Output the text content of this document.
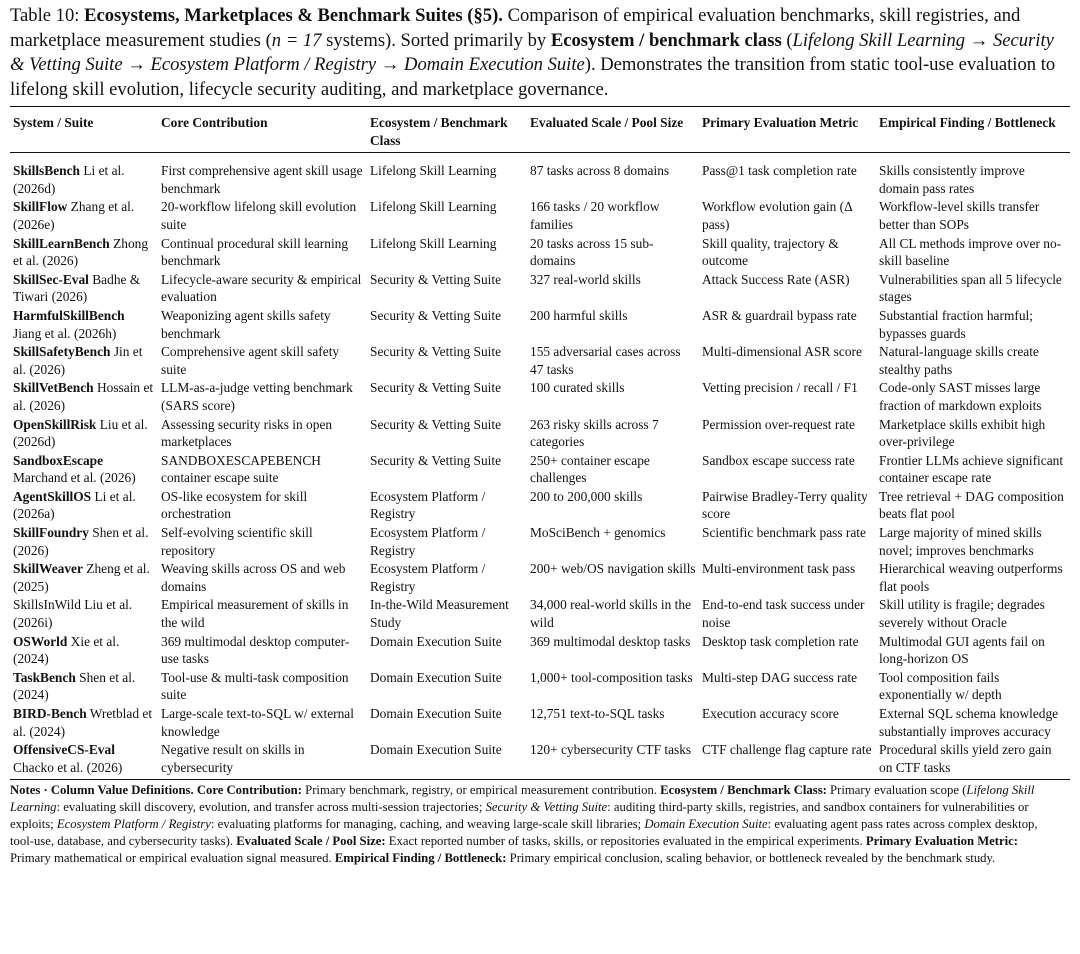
Table 10: Ecosystems, Marketplaces & Benchmark Suites (§5). Comparison of empirical evaluation benchmarks, skill registries, and marketplace measurement studies (n = 17 systems). Sorted primarily by Ecosystem / benchmark class (Lifelong Skill Learning → Security & Vetting Suite → Ecosystem Platform / Registry → Domain Execution Suite). Demonstrates the transition from static tool-use evaluation to lifelong skill evolution, lifecycle security auditing, and marketplace governance.

System / Suite	Core Contribution	Ecosystem / Benchmark Class	Evaluated Scale / Pool Size	Primary Evaluation Metric	Empirical Finding / Bottleneck
SkillsBench Li et al. (2026d)	First comprehensive agent skill usage benchmark	Lifelong Skill Learning	87 tasks across 8 domains	Pass@1 task completion rate	Skills consistently improve domain pass rates
SkillFlow Zhang et al. (2026e)	20-workflow lifelong skill evolution suite	Lifelong Skill Learning	166 tasks / 20 workflow families	Workflow evolution gain (Δ pass)	Workflow-level skills transfer better than SOPs
SkillLearnBench Zhong et al. (2026)	Continual procedural skill learning benchmark	Lifelong Skill Learning	20 tasks across 15 sub-domains	Skill quality, trajectory & outcome	All CL methods improve over no-skill baseline
SkillSec-Eval Badhe & Tiwari (2026)	Lifecycle-aware security & empirical evaluation	Security & Vetting Suite	327 real-world skills	Attack Success Rate (ASR)	Vulnerabilities span all 5 lifecycle stages
HarmfulSkillBench Jiang et al. (2026h)	Weaponizing agent skills safety benchmark	Security & Vetting Suite	200 harmful skills	ASR & guardrail bypass rate	Substantial fraction harmful; bypasses guards
SkillSafetyBench Jin et al. (2026)	Comprehensive agent skill safety suite	Security & Vetting Suite	155 adversarial cases across 47 tasks	Multi-dimensional ASR score	Natural-language skills create stealthy paths
SkillVetBench Hossain et al. (2026)	LLM-as-a-judge vetting benchmark (SARS score)	Security & Vetting Suite	100 curated skills	Vetting precision / recall / F1	Code-only SAST misses large fraction of markdown exploits
OpenSkillRisk Liu et al. (2026d)	Assessing security risks in open marketplaces	Security & Vetting Suite	263 risky skills across 7 categories	Permission over-request rate	Marketplace skills exhibit high over-privilege
SandboxEscape Marchand et al. (2026)	SANDBOXESCAPEBENCH container escape suite	Security & Vetting Suite	250+ container escape challenges	Sandbox escape success rate	Frontier LLMs achieve significant container escape rate
AgentSkillOS Li et al. (2026a)	OS-like ecosystem for skill orchestration	Ecosystem Platform / Registry	200 to 200,000 skills	Pairwise Bradley-Terry quality score	Tree retrieval + DAG composition beats flat pool
SkillFoundry Shen et al. (2026)	Self-evolving scientific skill repository	Ecosystem Platform / Registry	MoSciBench + genomics	Scientific benchmark pass rate	Large majority of mined skills novel; improves benchmarks
SkillWeaver Zheng et al. (2025)	Weaving skills across OS and web domains	Ecosystem Platform / Registry	200+ web/OS navigation skills	Multi-environment task pass	Hierarchical weaving outperforms flat pools
SkillsInWild Liu et al. (2026i)	Empirical measurement of skills in the wild	In-the-Wild Measurement Study	34,000 real-world skills in the wild	End-to-end task success under noise	Skill utility is fragile; degrades severely without Oracle
OSWorld Xie et al. (2024)	369 multimodal desktop computer-use tasks	Domain Execution Suite	369 multimodal desktop tasks	Desktop task completion rate	Multimodal GUI agents fail on long-horizon OS
TaskBench Shen et al. (2024)	Tool-use & multi-task composition suite	Domain Execution Suite	1,000+ tool-composition tasks	Multi-step DAG success rate	Tool composition fails exponentially w/ depth
BIRD-Bench Wretblad et al. (2024)	Large-scale text-to-SQL w/ external knowledge	Domain Execution Suite	12,751 text-to-SQL tasks	Execution accuracy score	External SQL schema knowledge substantially improves accuracy
OffensiveCS-Eval Chacko et al. (2026)	Negative result on skills in cybersecurity	Domain Execution Suite	120+ cybersecurity CTF tasks	CTF challenge flag capture rate	Procedural skills yield zero gain on CTF tasks
Notes · Column Value Definitions. Core Contribution: Primary benchmark, registry, or empirical measurement contribution. Ecosystem / Benchmark Class: Primary evaluation scope (Lifelong Skill Learning: evaluating skill discovery, evolution, and transfer across multi-session trajectories; Security & Vetting Suite: auditing third-party skills, registries, and sandbox containers for vulnerabilities or exploits; Ecosystem Platform / Registry: evaluating platforms for managing, caching, and weaving large-scale skill libraries; Domain Execution Suite: evaluating agent pass rates across complex desktop, tool-use, database, and cybersecurity tasks). Evaluated Scale / Pool Size: Exact reported number of tasks, skills, or repositories evaluated in the empirical experiments. Primary Evaluation Metric: Primary mathematical or empirical evaluation signal measured. Empirical Finding / Bottleneck: Primary empirical conclusion, scaling behavior, or bottleneck revealed by the benchmark study.
